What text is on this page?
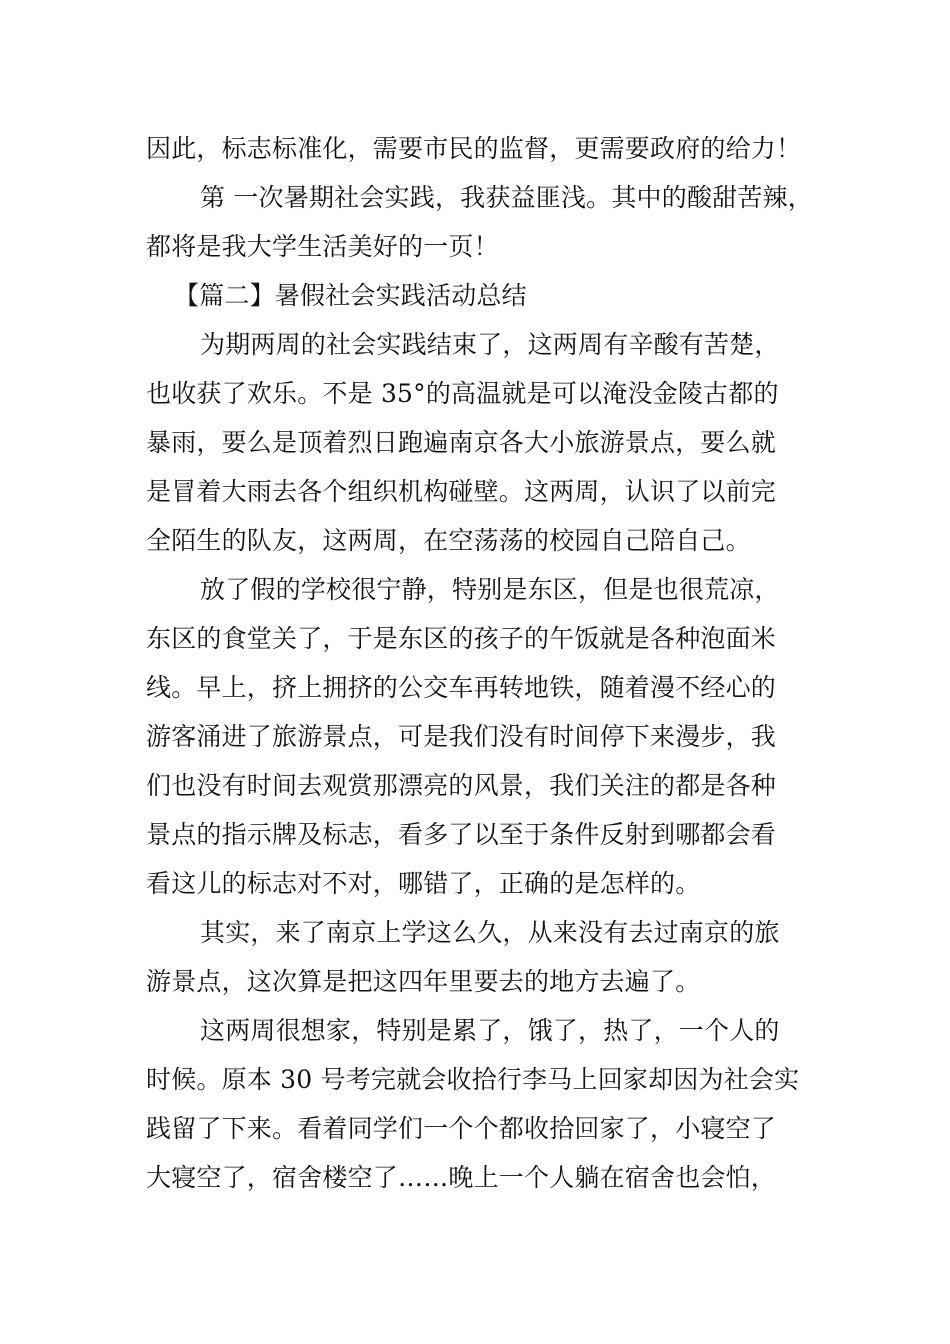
因此，标志标准化，需要市民的监督，更需要政府的给力！
第 一次暑期社会实践，我获益匪浅。其中的酸甜苦辣，
都将是我大学生活美好的一页！
【篇二】暑假社会实践活动总结
为期两周的社会实践结束了，这两周有辛酸有苦楚，
也收获了欢乐。不是 35°的高温就是可以淹没金陵古都的
暴雨，要么是顶着烈日跑遍南京各大小旅游景点，要么就
是冒着大雨去各个组织机构碰壁。这两周，认识了以前完
全陌生的队友，这两周，在空荡荡的校园自己陪自己。
放了假的学校很宁静，特别是东区，但是也很荒凉，
东区的食堂关了，于是东区的孩子的午饭就是各种泡面米
线。早上，挤上拥挤的公交车再转地铁，随着漫不经心的
游客涌进了旅游景点，可是我们没有时间停下来漫步，我
们也没有时间去观赏那漂亮的风景，我们关注的都是各种
景点的指示牌及标志，看多了以至于条件反射到哪都会看
看这儿的标志对不对，哪错了，正确的是怎样的。
其实，来了南京上学这么久，从来没有去过南京的旅
游景点，这次算是把这四年里要去的地方去遍了。
这两周很想家，特别是累了，饿了，热了，一个人的
时候。原本 30 号考完就会收拾行李马上回家却因为社会实
践留了下来。看着同学们一个个都收拾回家了，小寝空了
大寝空了，宿舍楼空了……晚上一个人躺在宿舍也会怕，
